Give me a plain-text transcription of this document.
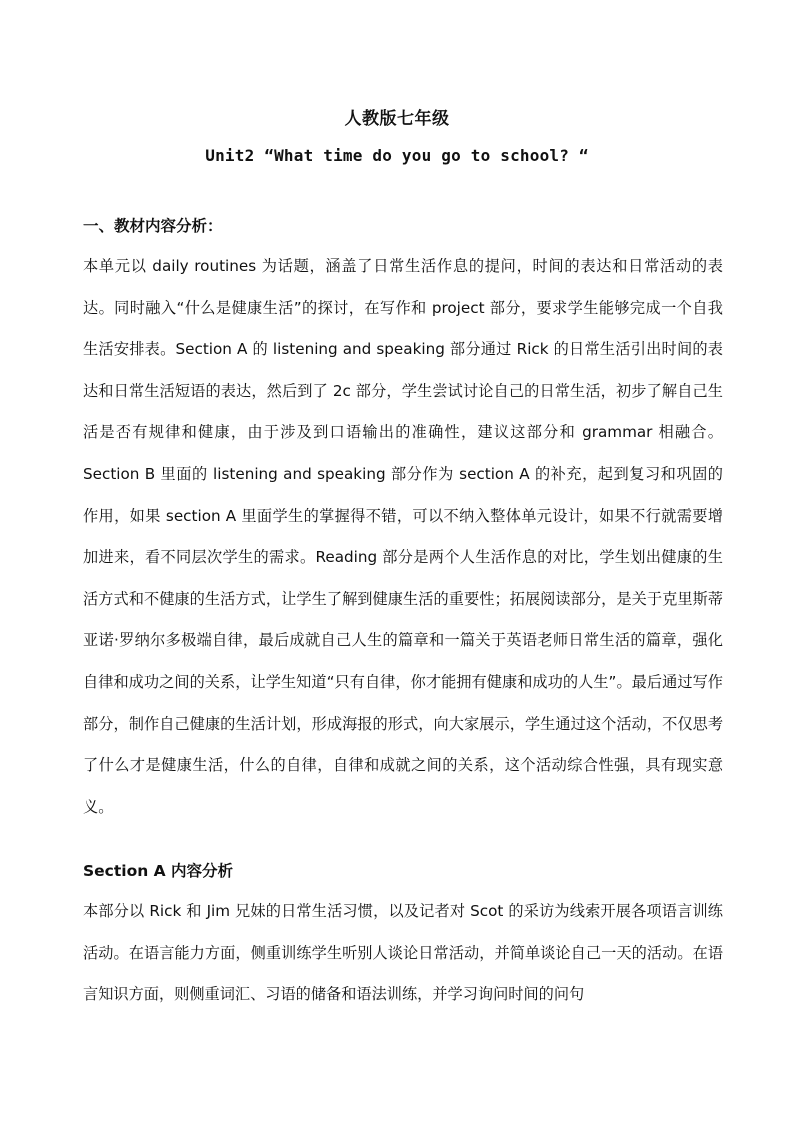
人教版七年级
Unit2 “What time do you go to school? “
一、教材内容分析：

本单元以 daily routines 为话题，涵盖了日常生活作息的提问，时间的表达和日常活动的表达。同时融入“什么是健康生活”的探讨，在写作和 project 部分，要求学生能够完成一个自我生活安排表。Section A 的 listening and speaking 部分通过 Rick 的日常生活引出时间的表达和日常生活短语的表达，然后到了 2c 部分，学生尝试讨论自己的日常生活，初步了解自己生活是否有规律和健康，由于涉及到口语输出的准确性，建议这部分和 grammar 相融合。Section B 里面的 listening and speaking 部分作为 section A 的补充，起到复习和巩固的作用，如果 section A 里面学生的掌握得不错，可以不纳入整体单元设计，如果不行就需要增加进来，看不同层次学生的需求。Reading 部分是两个人生活作息的对比，学生划出健康的生活方式和不健康的生活方式，让学生了解到健康生活的重要性；拓展阅读部分，是关于克里斯蒂亚诺·罗纳尔多极端自律，最后成就自己人生的篇章和一篇关于英语老师日常生活的篇章，强化自律和成功之间的关系，让学生知道“只有自律，你才能拥有健康和成功的人生”。最后通过写作部分，制作自己健康的生活计划，形成海报的形式，向大家展示，学生通过这个活动，不仅思考了什么才是健康生活，什么的自律，自律和成就之间的关系，这个活动综合性强，具有现实意义。

Section A 内容分析

本部分以 Rick 和 Jim 兄妹的日常生活习惯，以及记者对 Scot 的采访为线索开展各项语言训练活动。在语言能力方面，侧重训练学生听别人谈论日常活动，并简单谈论自己一天的活动。在语言知识方面，则侧重词汇、习语的储备和语法训练，并学习询问时间的问句
